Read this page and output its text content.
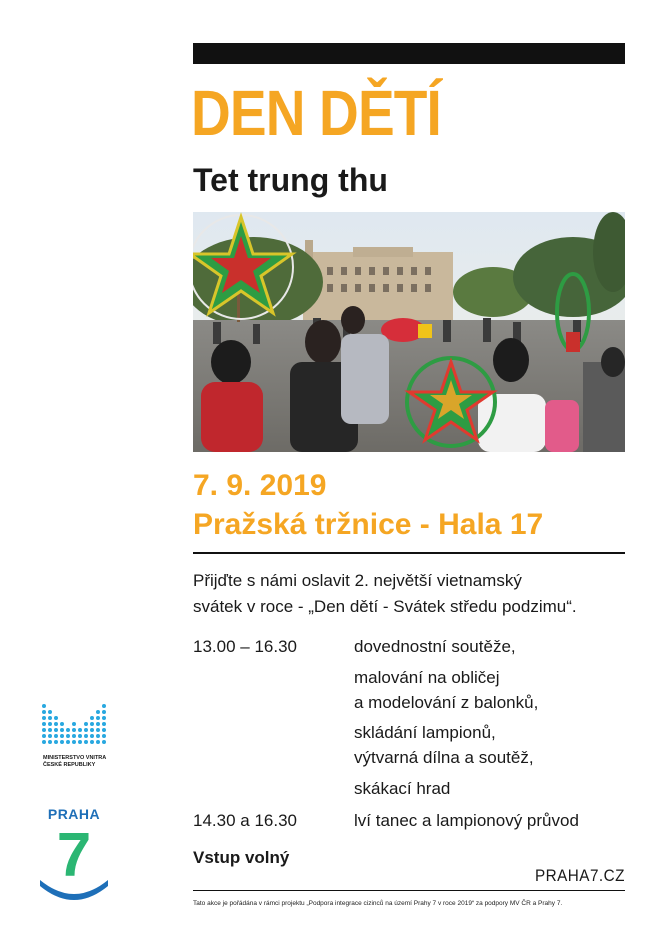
DEN DĚTÍ
Tet trung thu
7. 9. 2019
Pražská tržnice - Hala 17

Přijďte s námi oslavit 2. největší vietnamský

svátek v roce - „Den dětí - Svátek středu podzimu“.

13.00 – 16.30	dovednostní soutěže,
malování na obličej
a modelování z balonků,
skládání lampionů,
výtvarná dílna a soutěž,
skákací hrad
14.30 a 16.30	lví tanec a lampionový průvod
Vstup volný
PRAHA7.CZ
Tato akce je pořádána v rámci projektu „Podpora integrace cizinců na území Prahy 7 v roce 2019“ za podpory MV ČR a Prahy 7.
MINISTERSTVO VNITRA
ČESKÉ REPUBLIKY
PRAHA
7
